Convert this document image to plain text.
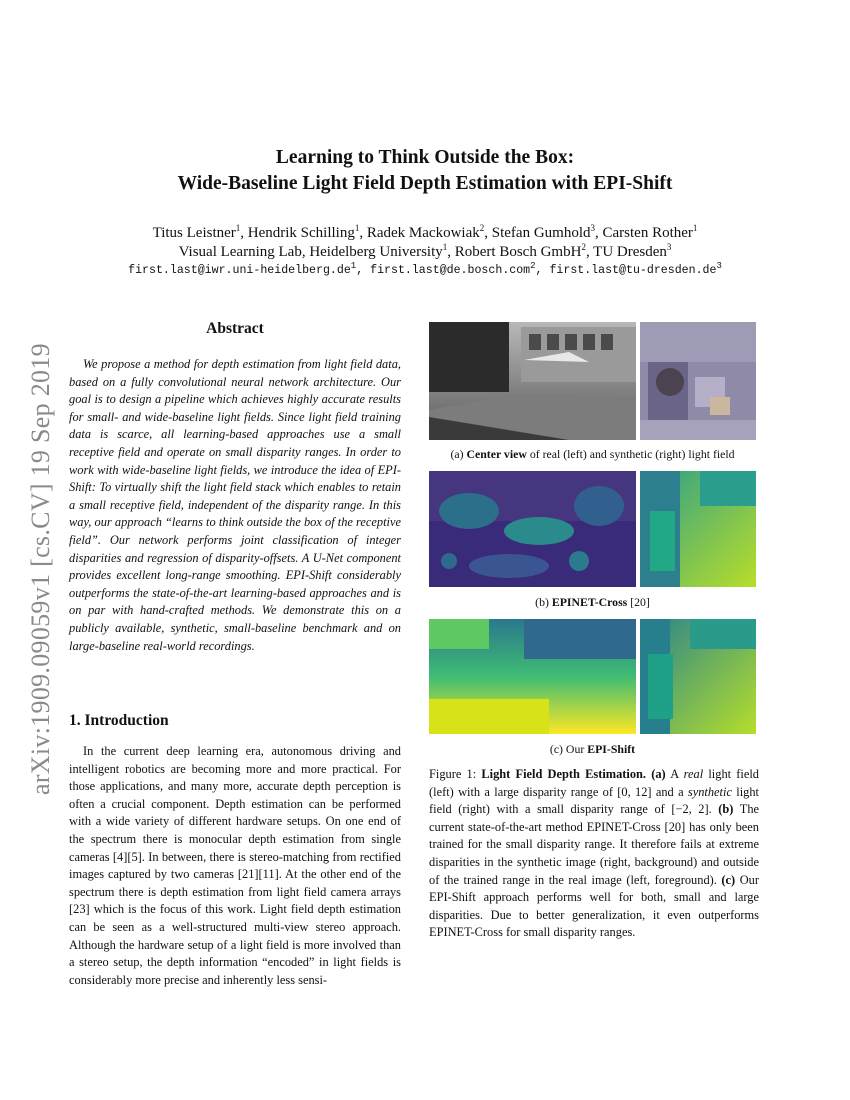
arXiv:1909.09059v1 [cs.CV] 19 Sep 2019
Learning to Think Outside the Box:
Wide-Baseline Light Field Depth Estimation with EPI-Shift
Titus Leistner$^1$, Hendrik Schilling$^1$, Radek Mackowiak$^2$, Stefan Gumhold$^3$, Carsten Rother$^1$
Visual Learning Lab, Heidelberg University$^1$, Robert Bosch GmbH$^2$, TU Dresden$^3$
$first.last@iwr.uni-heidelberg.de^1$, first.last@de.bosch.com$^2$, $first.last@tu-dresden.de^3$
Abstract
We propose a method for depth estimation from light field data, based on a fully convolutional neural network architecture. Our goal is to design a pipeline which achieves highly accurate results for small- and wide-baseline light fields. Since light field training data is scarce, all learning-based approaches use a small receptive field and operate on small disparity ranges. In order to work with wide-baseline light fields, we introduce the idea of EPI-Shift: To virtually shift the light field stack which enables to retain a small receptive field, independent of the disparity range. In this way, our approach “learns to think outside the box of the receptive field”. Our network performs joint classification of integer disparities and regression of disparity-offsets. A U-Net component provides excellent long-range smoothing. EPI-Shift considerably outperforms the state-of-the-art learning-based approaches and is on par with hand-crafted methods. We demonstrate this on a publicly available, synthetic, small-baseline benchmark and on large-baseline real-world recordings.
1. Introduction
In the current deep learning era, autonomous driving and intelligent robotics are becoming more and more practical. For those applications, and many more, accurate depth perception is often a crucial component. Depth estimation can be performed with a wide variety of different hardware setups. On one end of the spectrum there is monocular depth estimation from single cameras [4][5]. In between, there is stereo-matching from rectified images captured by two cameras [21][11]. At the other end of the spectrum there is depth estimation from light field camera arrays [23] which is the focus of this work. Light field depth estimation can be seen as a well-structured multi-view stereo approach. Although the hardware setup of a light field is more involved than a stereo setup, the depth information “encoded” in light fields is considerably more precise and inherently less sensi-
(a) Center view of real (left) and synthetic (right) light field
(b) EPINET-Cross [20]
(c) Our EPI-Shift
Figure 1: Light Field Depth Estimation. (a) A real light field (left) with a large disparity range of [0, 12] and a synthetic light field (right) with a small disparity range of [−2, 2]. (b) The current state-of-the-art method EPINET-Cross [20] has only been trained for the small disparity range. It therefore fails at extreme disparities in the synthetic image (right, background) and outside of the trained range in the real image (left, foreground). (c) Our EPI-Shift approach performs well for both, small and large disparities. Due to better generalization, it even outperforms EPINET-Cross for small disparity ranges.
